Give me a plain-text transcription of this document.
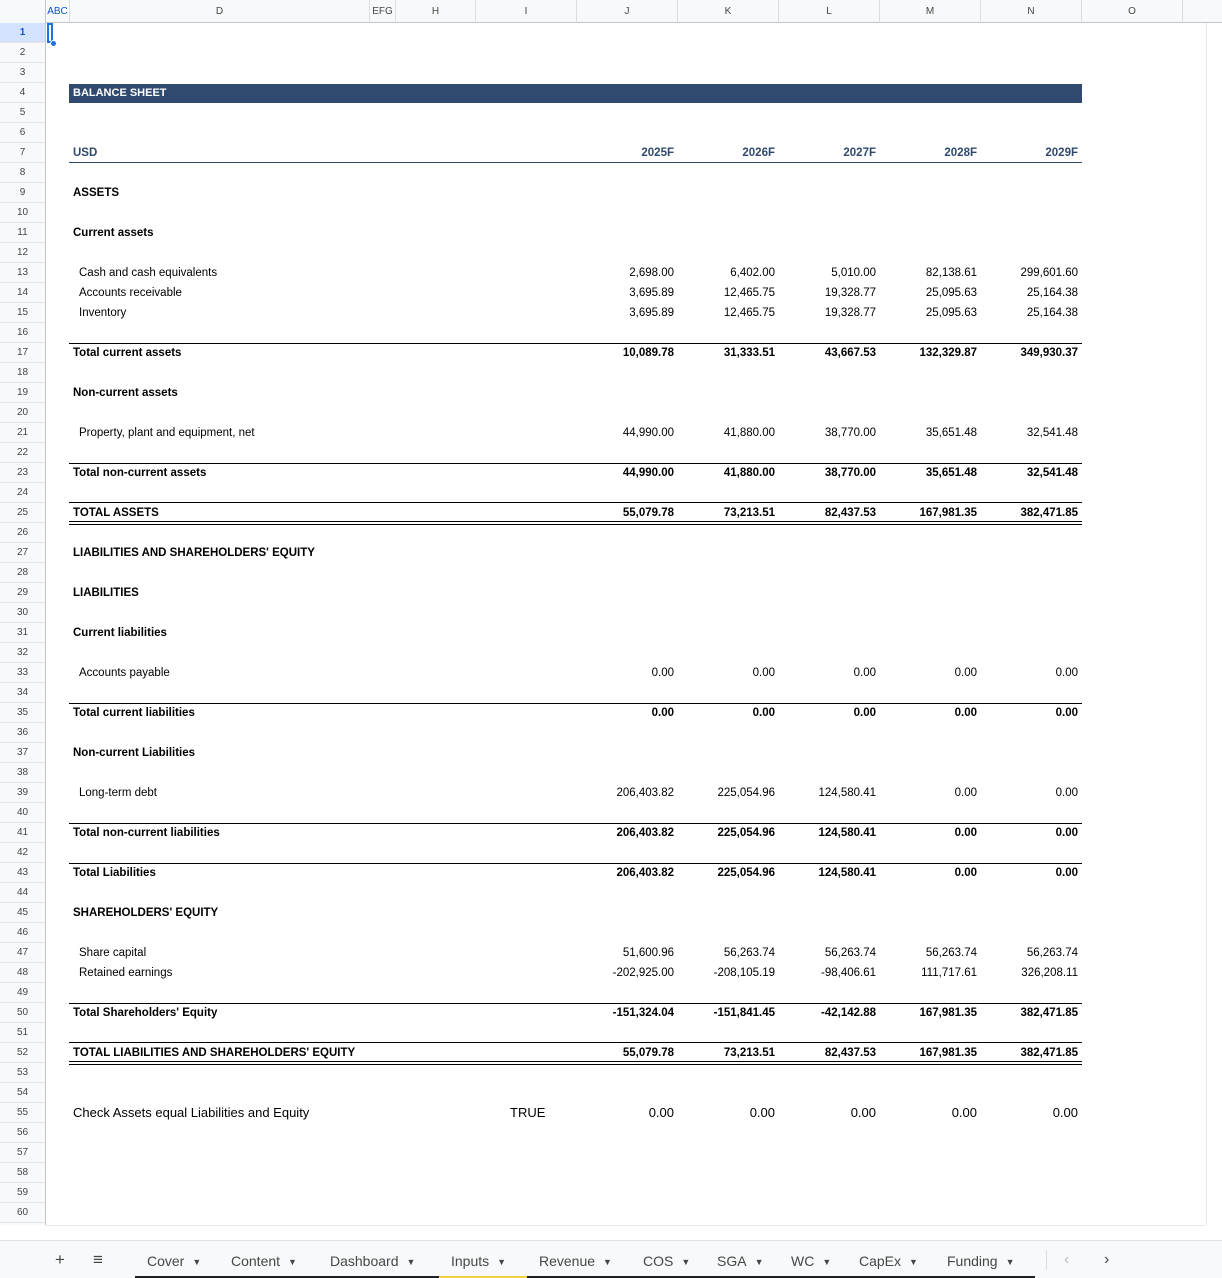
ABC	D	EFG	H	I	J	K	L	M	N	O
1
2
3
4
5
6
7
8
9
10
11
12
13
14
15
16
17
18
19
20
21
22
23
24
25
26
27
28
29
30
31
32
33
34
35
36
37
38
39
40
41
42
43
44
45
46
47
48
49
50
51
52
53
54
55
56
57
58
59
60
BALANCE SHEET
USD	2025F	2026F	2027F	2028F	2029F
ASSETS
Current assets
Cash and cash equivalents	2,698.00	6,402.00	5,010.00	82,138.61	299,601.60
Accounts receivable	3,695.89	12,465.75	19,328.77	25,095.63	25,164.38
Inventory	3,695.89	12,465.75	19,328.77	25,095.63	25,164.38
Total current assets	10,089.78	31,333.51	43,667.53	132,329.87	349,930.37
Non-current assets
Property, plant and equipment, net	44,990.00	41,880.00	38,770.00	35,651.48	32,541.48
Total non-current assets	44,990.00	41,880.00	38,770.00	35,651.48	32,541.48
TOTAL ASSETS	55,079.78	73,213.51	82,437.53	167,981.35	382,471.85
LIABILITIES AND SHAREHOLDERS' EQUITY
LIABILITIES
Current liabilities
Accounts payable	0.00	0.00	0.00	0.00	0.00
Total current liabilities	0.00	0.00	0.00	0.00	0.00
Non-current Liabilities
Long-term debt	206,403.82	225,054.96	124,580.41	0.00	0.00
Total non-current liabilities	206,403.82	225,054.96	124,580.41	0.00	0.00
Total Liabilities	206,403.82	225,054.96	124,580.41	0.00	0.00
SHAREHOLDERS' EQUITY
Share capital	51,600.96	56,263.74	56,263.74	56,263.74	56,263.74
Retained earnings	-202,925.00	-208,105.19	-98,406.61	111,717.61	326,208.11
Total Shareholders' Equity	-151,324.04	-151,841.45	-42,142.88	167,981.35	382,471.85
TOTAL LIABILITIES AND SHAREHOLDERS' EQUITY	55,079.78	73,213.51	82,437.53	167,981.35	382,471.85
Check Assets equal Liabilities and Equity	TRUE	0.00	0.00	0.00	0.00	0.00
+ ≡	Cover ▼	Content ▼	Dashboard ▼	Inputs ▼	Revenue ▼	COS ▼	SGA ▼	WC ▼	CapEx ▼	Funding ▼	‹ ›
